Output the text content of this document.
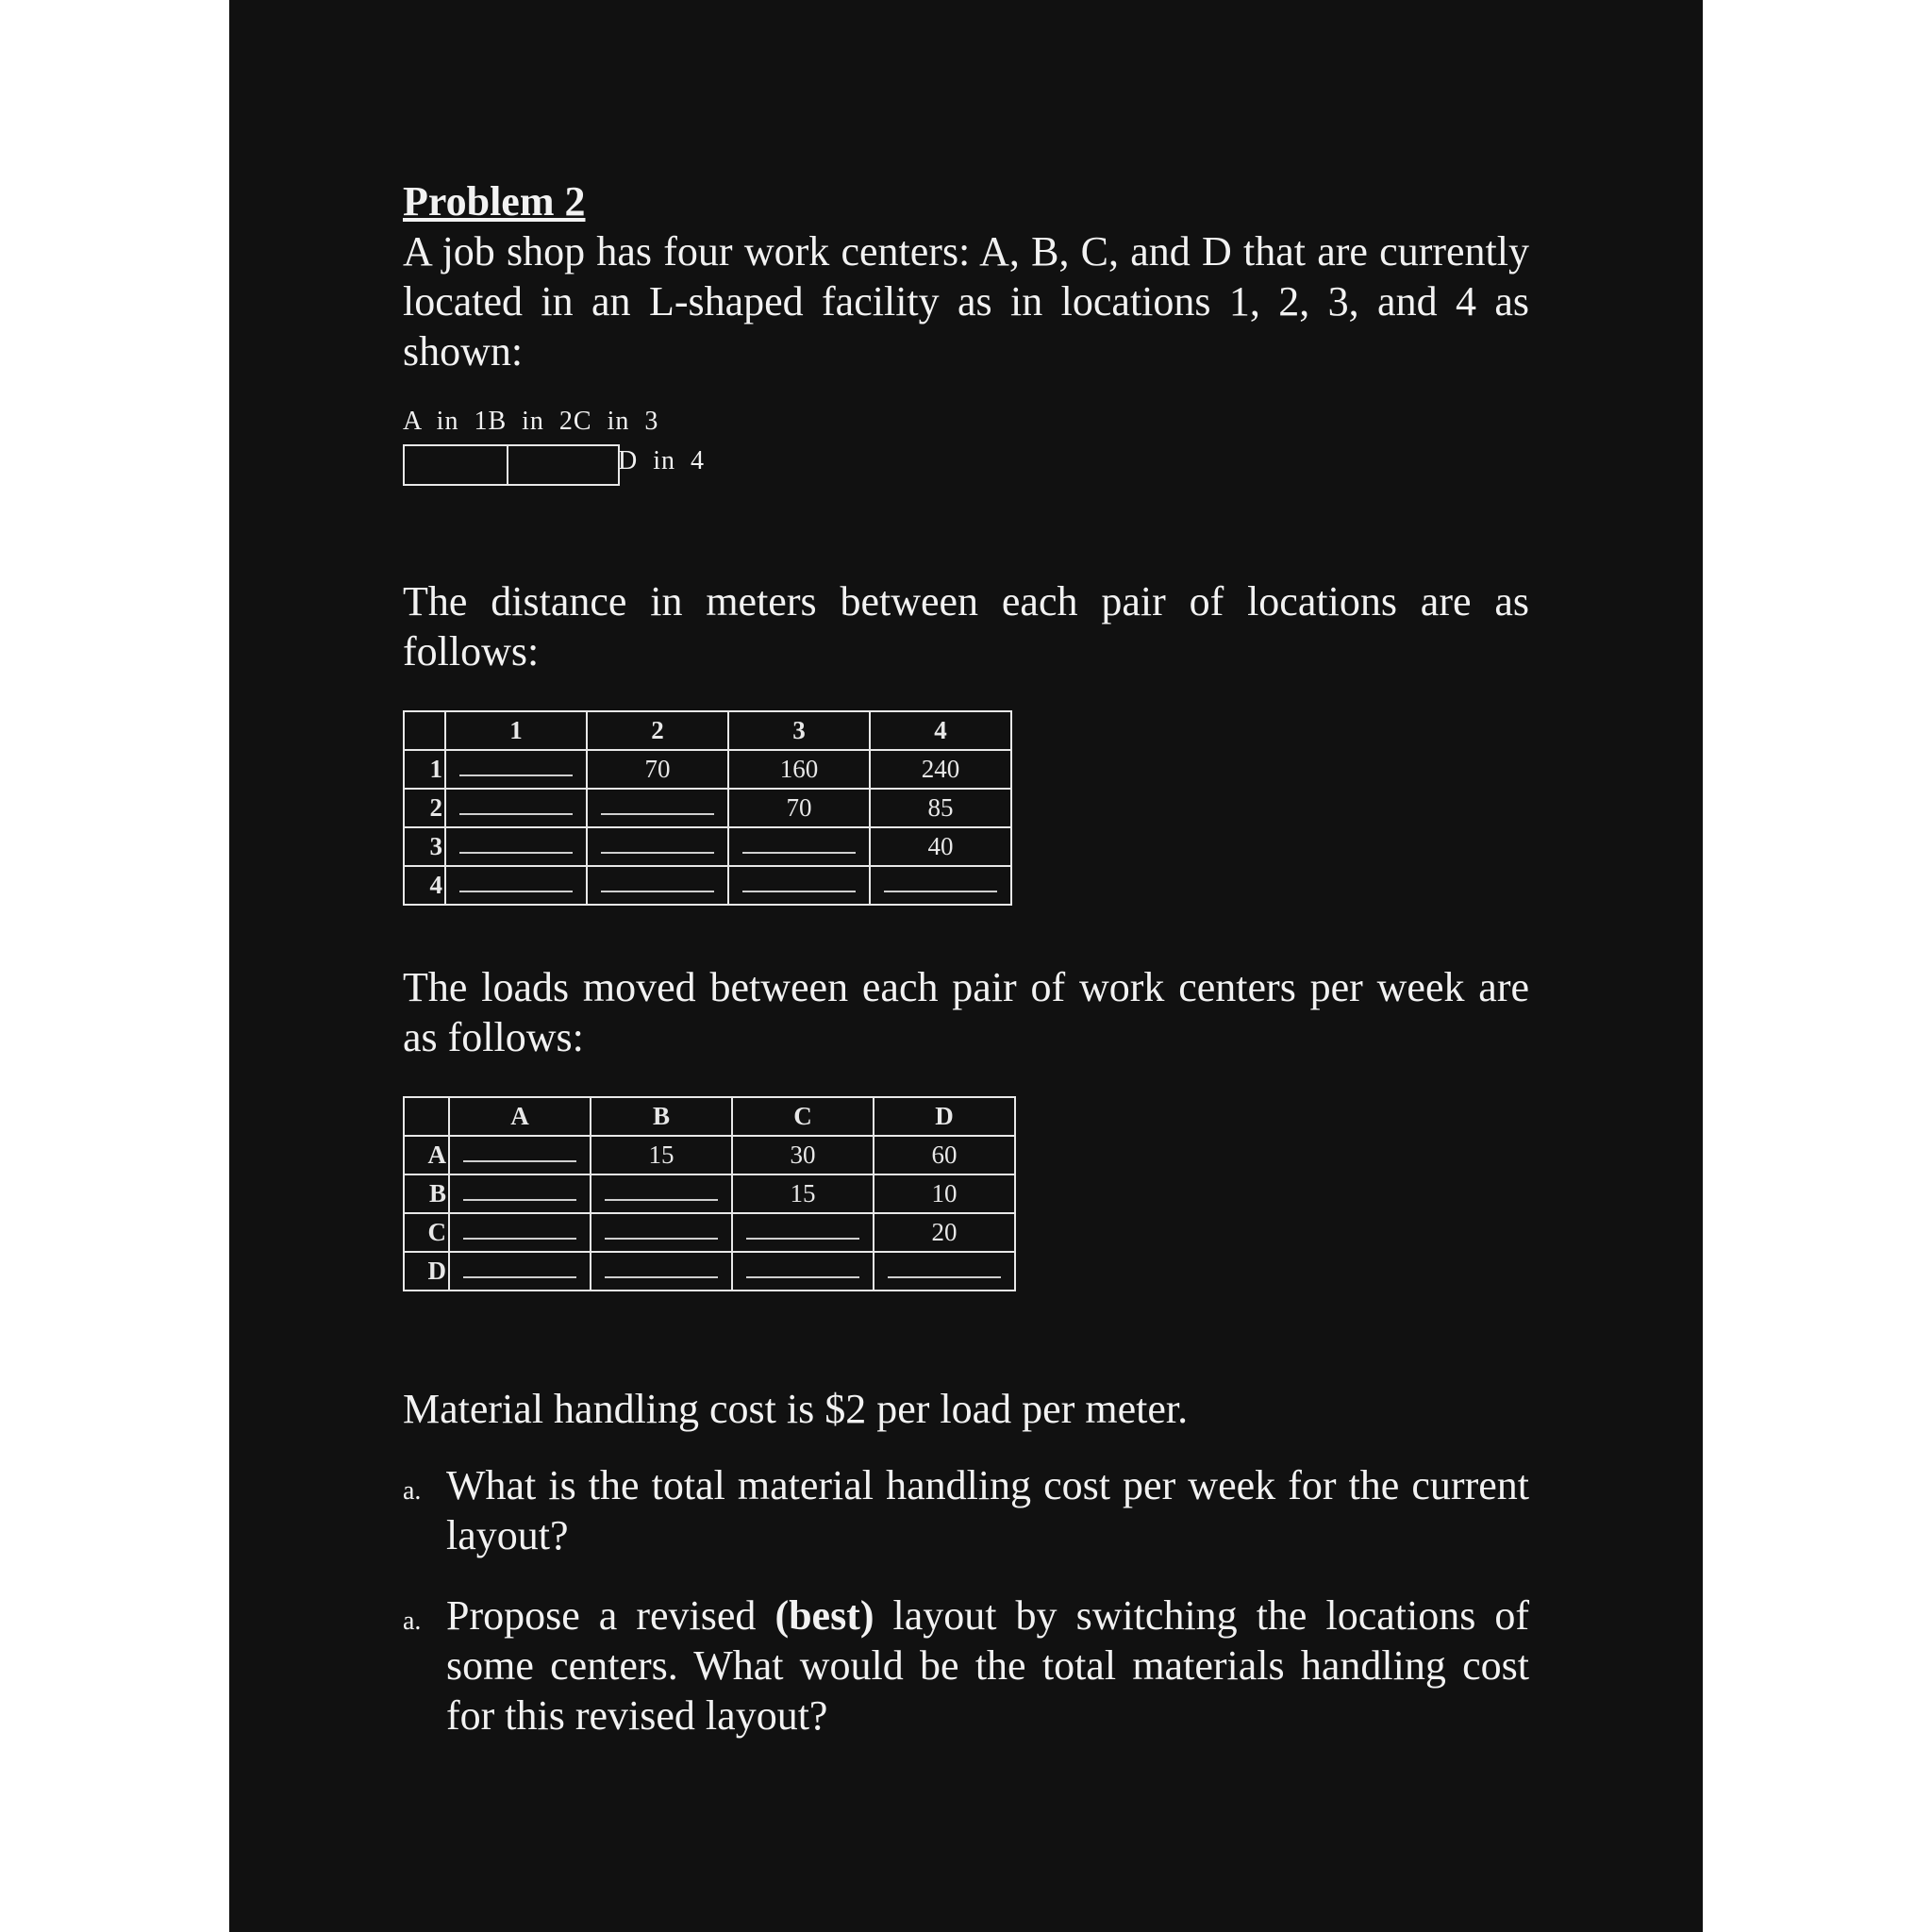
Problem 2

A job shop has four work centers: A, B, C, and D that are currently located in an L-shaped facility as in locations 1, 2, 3, and 4 as shown:

A  in  1B  in  2C  in  3
D  in  4

The distance in meters between each pair of locations are as follows:

	1	2	3	4
1		70	160	240
2			70	85
3				40
4	

The loads moved between each pair of work centers per week are as follows:

	A	B	C	D
A		15	30	60
B			15	10
C				20
D	

Material handling cost is $2 per load per meter.

a. What is the total material handling cost per week for the current layout?

a. Propose a revised (best) layout by switching the locations of some centers. What would be the total materials handling cost for this revised layout?
